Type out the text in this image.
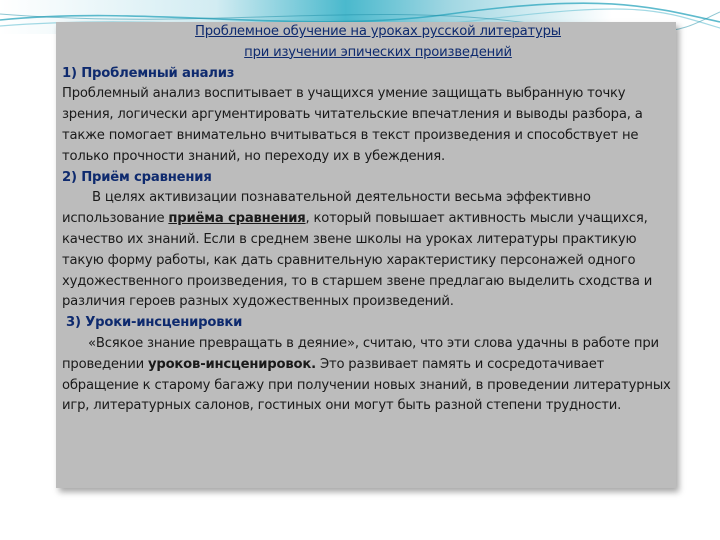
Проблемное обучение на уроках русской литературы
при изучении эпических произведений
1) Проблемный анализ

Проблемный анализ воспитывает в учащихся умение защищать выбранную точку зрения, логически аргументировать читательские впечатления и выводы разбора, а также помогает внимательно вчитываться в текст произведения и способствует не только прочности знаний, но переходу их в убеждения.

2) Приём сравнения

В целях активизации познавательной деятельности весьма эффективно использование приёма сравнения, который повышает активность мысли учащихся, качество их знаний. Если в среднем звене школы на уроках литературы практикую такую форму работы, как дать сравнительную характеристику персонажей одного художественного произведения, то в старшем звене предлагаю выделить сходства и различия героев разных художественных произведений.

3) Уроки-инсценировки

«Всякое знание превращать в деяние», считаю, что эти слова удачны в работе при проведении уроков-инсценировок. Это развивает память и сосредотачивает обращение к старому багажу при получении новых знаний, в проведении литературных игр, литературных салонов, гостиных они могут быть разной степени трудности.
